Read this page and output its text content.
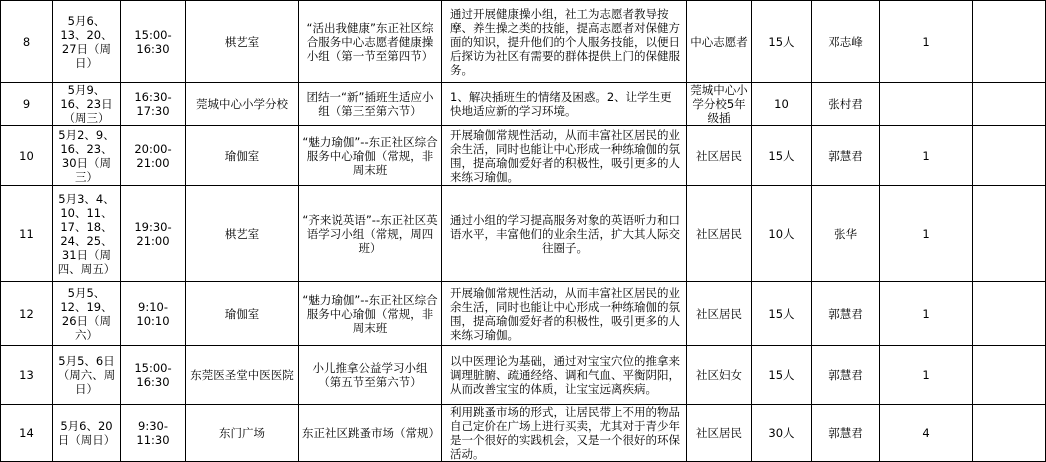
8	5月6、13、20、27日（周日）	15:00-16:30	棋艺室	“活出我健康”东正社区综合服务中心志愿者健康操小组（第一节至第四节）	通过开展健康操小组，社工为志愿者教导按摩、养生操之类的技能，提高志愿者对保健方面的知识，提升他们的个人服务技能，以便日后探访为社区有需要的群体提供上门的保健服务。	中心志愿者	15人	邓志峰	1	
9	5月9、16、23日（周三）	16:30-17:30	莞城中心小学分校	团结一“新”插班生适应小组（第三至第六节）	1、解决插班生的情绪及困惑。2、让学生更快地适应新的学习环境。	莞城中心小学分校5年级插	10	张村君		
10	5月2、9、16、23、30日（周三）	20:00-21:00	瑜伽室	“魅力瑜伽”--东正社区综合服务中心瑜伽（常规，非周末班	开展瑜伽常规性活动，从而丰富社区居民的业余生活，同时也能让中心形成一种练瑜伽的氛围，提高瑜伽爱好者的积极性，吸引更多的人来练习瑜伽。	社区居民	15人	郭慧君	1	
11	5月3、4、10、11、17、18、24、25、31日（周四、周五）	19:30-21:00	棋艺室	“齐来说英语”--东正社区英语学习小组（常规，周四班）	通过小组的学习提高服务对象的英语听力和口语水平，丰富他们的业余生活，扩大其人际交往圈子。	社区居民	10人	张华	1	
12	5月5、12、19、26日（周六）	9:10-10:10	瑜伽室	“魅力瑜伽”--东正社区综合服务中心瑜伽（常规，非周末班	开展瑜伽常规性活动，从而丰富社区居民的业余生活，同时也能让中心形成一种练瑜伽的氛围，提高瑜伽爱好者的积极性，吸引更多的人来练习瑜伽。	社区居民	15人	郭慧君	1	
13	5月5、6日（周六、周日）	15:00-16:30	东莞医圣堂中医医院	小儿推拿公益学习小组（第五节至第六节）	以中医理论为基础，通过对宝宝穴位的推拿来调理脏腑、疏通经络、调和气血、平衡阴阳，从而改善宝宝的体质，让宝宝远离疾病。	社区妇女	15人	郭慧君	1	
14	5月6、20日（周日）	9:30-11:30	东门广场	东正社区跳蚤市场（常规）	利用跳蚤市场的形式，让居民带上不用的物品自己定价在广场上进行买卖，尤其对于青少年是一个很好的实践机会，又是一个很好的环保活动。	社区居民	30人	郭慧君	4	
